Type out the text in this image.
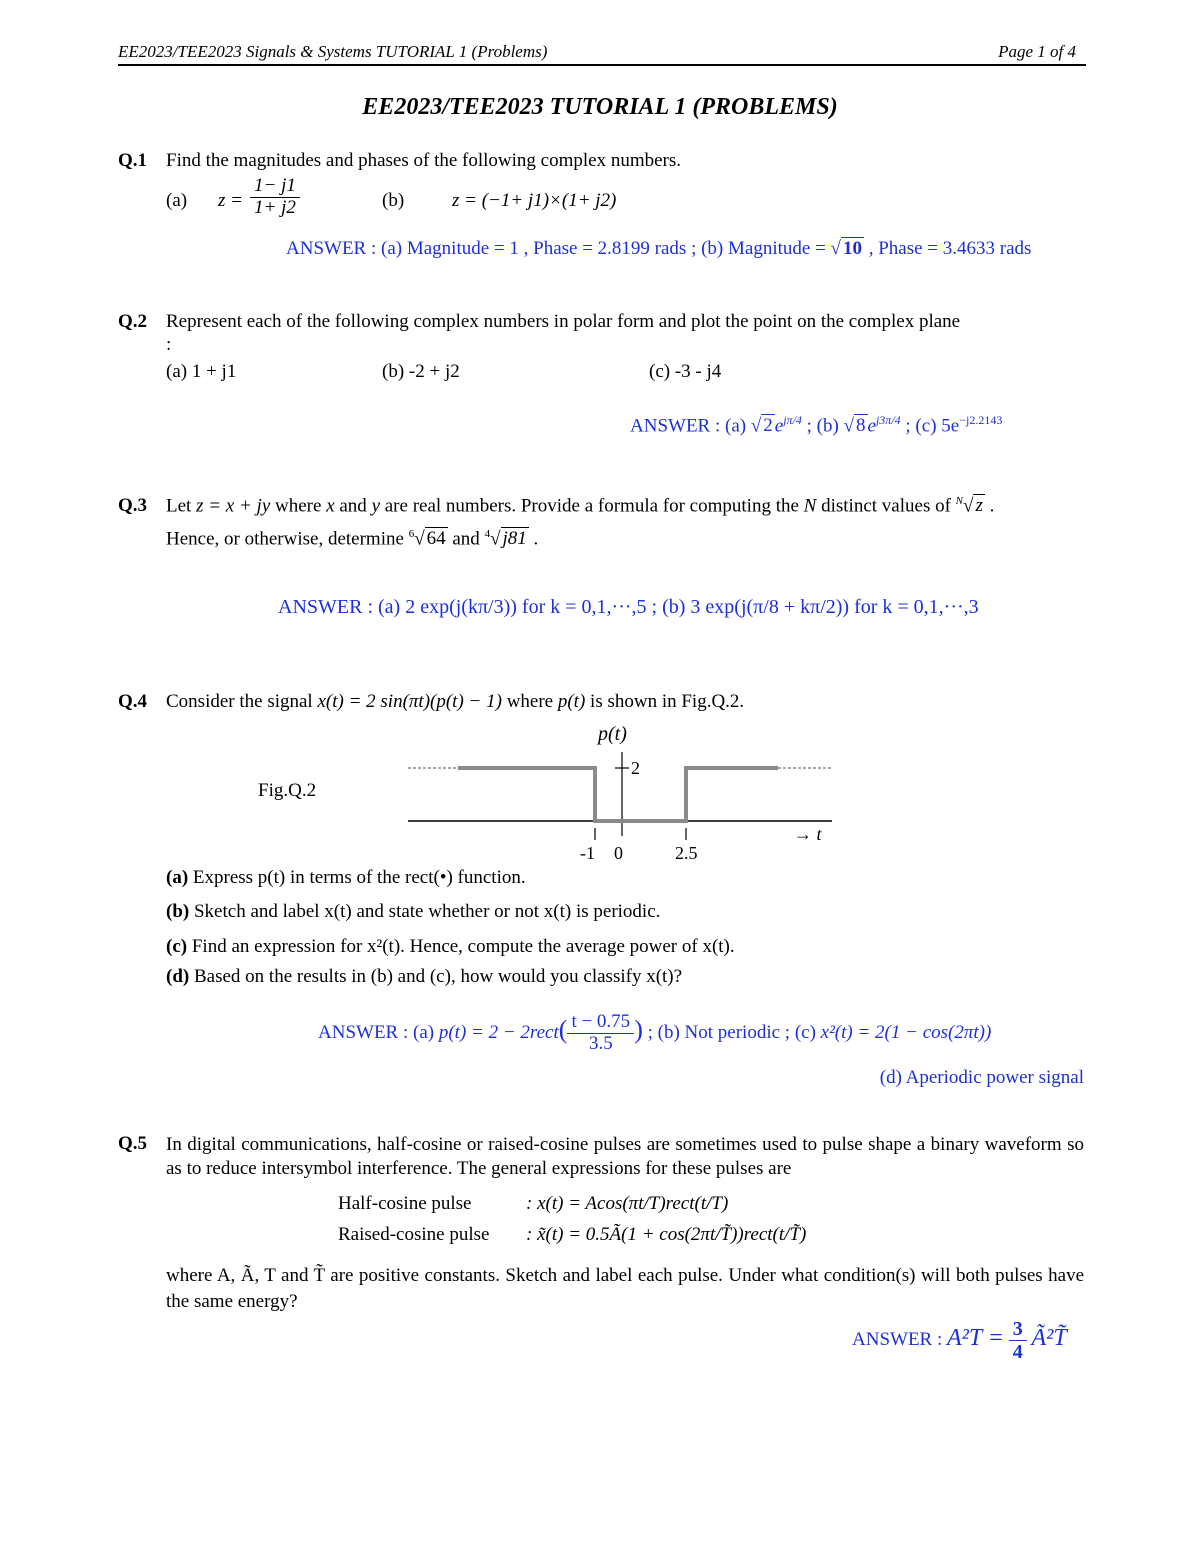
EE2023/TEE2023 Signals & Systems TUTORIAL 1 (Problems)	Page 1 of 4
EE2023/TEE2023 TUTORIAL 1 (PROBLEMS)
Q.1 Find the magnitudes and phases of the following complex numbers.
(a) $z = \frac{1- j1}{1+ j2}$	(b)	z = (−1+ j1)×(1+ j2)
ANSWER : (a) Magnitude = 1 , Phase = 2.8199 rads ; (b) Magnitude = √ 10 , Phase = 3.4633 rads
Q.2 Represent each of the following complex numbers in polar form and plot the point on the complex plane
:
(a) 1 + j1	(b) -2 + j2	(c) -3 - j4
ANSWER : (a) √ 2 $e^{j\pi/4}$ ; (b) √ 8 $e^{j3\pi/4}$ ; (c) $5e^{-j2.2143}$
Q.3 Let z = x + jy where x and y are real numbers. Provide a formula for computing the N distinct values of $^N$√ z .
Hence, or otherwise, determine $^6$√ 64 and $^4$√ j81 .
ANSWER : (a) 2 exp(j(kπ/3)) for k = 0,1,···,5 ; (b) 3 exp(j(π/8 + kπ/2)) for k = 0,1,···,3
Q.4 Consider the signal x(t) = 2 sin(πt)(p(t) − 1) where p(t) is shown in Fig.Q.2.
Fig.Q.2
p(t)
2
-1 0	2.5
→ t
(a) Express p(t) in terms of the rect(•) function.
(b) Sketch and label x(t) and state whether or not x(t) is periodic.
(c) Find an expression for x²(t). Hence, compute the average power of x(t).
(d) Based on the results in (b) and (c), how would you classify x(t)?
ANSWER : (a) p(t) = 2 − 2rect( $\frac{t - 0.75}{3.5}$ ) ; (b) Not periodic ; (c) x²(t) = 2(1 − cos(2πt))
(d) Aperiodic power signal
Q.5 In digital communications, half-cosine or raised-cosine pulses are sometimes used to pulse shape a binary waveform so as to reduce intersymbol interference. The general expressions for these pulses are
Half-cosine pulse	: x(t) = Acos(πt/T)rect(t/T)
Raised-cosine pulse : x̃(t) = 0.5Ã(1 + cos(2πt/T̃))rect(t/T̃)
where A, Ã, T and T̃ are positive constants. Sketch and label each pulse. Under what condition(s) will both pulses have the same energy?
ANSWER : $A^2T = \frac{3}{4}$ Ã²T̃
